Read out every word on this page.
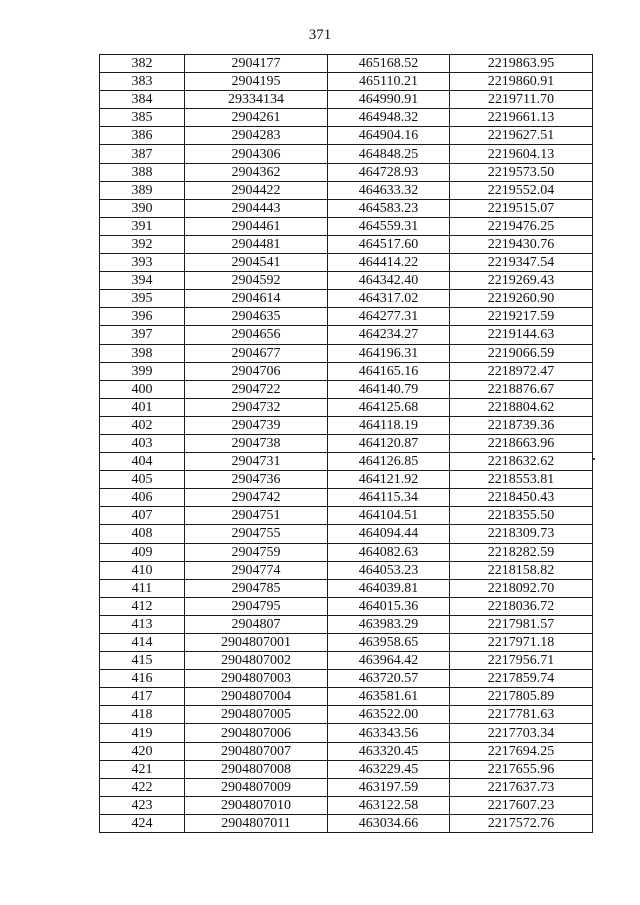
371
382	2904177	465168.52	2219863.95
383	2904195	465110.21	2219860.91
384	29334134	464990.91	2219711.70
385	2904261	464948.32	2219661.13
386	2904283	464904.16	2219627.51
387	2904306	464848.25	2219604.13
388	2904362	464728.93	2219573.50
389	2904422	464633.32	2219552.04
390	2904443	464583.23	2219515.07
391	2904461	464559.31	2219476.25
392	2904481	464517.60	2219430.76
393	2904541	464414.22	2219347.54
394	2904592	464342.40	2219269.43
395	2904614	464317.02	2219260.90
396	2904635	464277.31	2219217.59
397	2904656	464234.27	2219144.63
398	2904677	464196.31	2219066.59
399	2904706	464165.16	2218972.47
400	2904722	464140.79	2218876.67
401	2904732	464125.68	2218804.62
402	2904739	464118.19	2218739.36
403	2904738	464120.87	2218663.96
404	2904731	464126.85	2218632.62
405	2904736	464121.92	2218553.81
406	2904742	464115.34	2218450.43
407	2904751	464104.51	2218355.50
408	2904755	464094.44	2218309.73
409	2904759	464082.63	2218282.59
410	2904774	464053.23	2218158.82
411	2904785	464039.81	2218092.70
412	2904795	464015.36	2218036.72
413	2904807	463983.29	2217981.57
414	2904807001	463958.65	2217971.18
415	2904807002	463964.42	2217956.71
416	2904807003	463720.57	2217859.74
417	2904807004	463581.61	2217805.89
418	2904807005	463522.00	2217781.63
419	2904807006	463343.56	2217703.34
420	2904807007	463320.45	2217694.25
421	2904807008	463229.45	2217655.96
422	2904807009	463197.59	2217637.73
423	2904807010	463122.58	2217607.23
424	2904807011	463034.66	2217572.76
